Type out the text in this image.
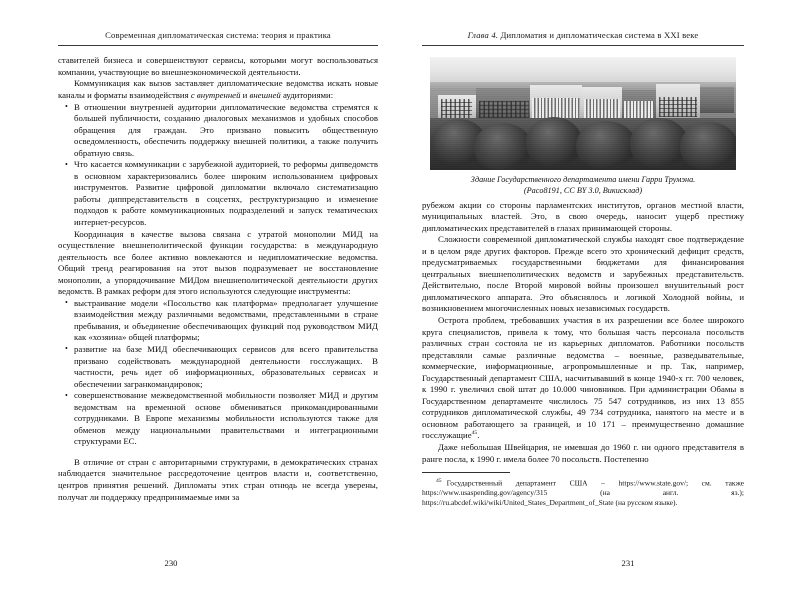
Современная дипломатическая система: теория и практика

ставителей бизнеса и совершенствуют сервисы, которыми могут воспользоваться компании, участвующие во внешнеэкономической деятельности.

Коммуникация как вызов заставляет дипломатические ведомства искать новые каналы и форматы взаимодействия с внутренней и внешней аудиториями:

• В отношении внутренней аудитории дипломатические ведомства стремятся к большей публичности, созданию диалоговых механизмов и удобных способов обращения для граждан. Это призвано повысить общественную осведомленность, обеспечить поддержку внешней политики, а также получить обратную связь.
• Что касается коммуникации с зарубежной аудиторией, то реформы дипведомств в основном характеризовались более широким использованием цифровых инструментов. Развитие цифровой дипломатии включало систематизацию работы диппредставительств в соцсетях, реструктуризацию и изменение подходов к работе коммуникационных подразделений и запуск тематических интернет-ресурсов.

Координация в качестве вызова связана с утратой монополии МИД на осуществление внешнеполитической функции государства: в международную деятельность все более активно вовлекаются и недипломатические ведомства. Общий тренд реагирования на этот вызов подразумевает не восстановление монополии, а упорядочивание МИДом внешнеполитической деятельности других ведомств. В рамках реформ для этого используются следующие инструменты:

• выстраивание модели «Посольство как платформа» предполагает улучшение взаимодействия между различными ведомствами, представленными в стране пребывания, и объединение обеспечивающих функций под руководством МИД как «хозяина» общей платформы;
• развитие на базе МИД обеспечивающих сервисов для всего правительства призвано содействовать международной деятельности госслужащих. В частности, речь идет об информационных, образовательных сервисах и обеспечении загранкомандировок;
• совершенствование межведомственной мобильности позволяет МИД и другим ведомствам на временной основе обмениваться прикомандированными сотрудниками. В Европе механизмы мобильности используются также для обменов между национальными правительствами и интеграционными структурами ЕС.

В отличие от стран с авторитарными структурами, в демократических странах наблюдается значительное рассредоточение центров власти и, соответственно, центров принятия решений. Дипломаты этих стран отнюдь не всегда уверены, получат ли поддержку предпринимаемые ими за

230
Глава 4. Дипломатия и дипломатическая система в XXI веке
Здание Государственного департамента имени Гарри Трумэна.
(Paco8191, CC BY 3.0, Викисклад)

рубежом акции со стороны парламентских институтов, органов местной власти, муниципальных властей. Это, в свою очередь, наносит ущерб престижу дипломатических представителей в глазах принимающей стороны.

Сложности современной дипломатической службы находят свое подтверждение и в целом ряде других факторов. Прежде всего это хронический дефицит средств, предусматриваемых государственными бюджетами для финансирования центральных внешнеполитических ведомств и зарубежных представительств. Действительно, после Второй мировой войны произошел внушительный рост дипломатического аппарата. Это объяснялось и логикой Холодной войны, и возникновением многочисленных новых независимых государств.

Острота проблем, требовавших участия в их разрешении все более широкого круга специалистов, привела к тому, что большая часть персонала посольств различных стран состояла не из карьерных дипломатов. Работники посольств представляли самые различные ведомства – военные, разведывательные, коммерческие, информационные, агропромышленные и пр. Так, например, Государственный департамент США, насчитывавший в конце 1940-х гг. 700 человек, к 1990 г. увеличил свой штат до 10.000 чиновников. При администрации Обамы в Государственном департаменте числилось 75 547 сотрудников, из них 13 855 сотрудников дипломатической службы, 49 734 сотрудника, нанятого на месте и в основном работающего за границей, и 10 171 – преимущественно домашние госслужащие$^{45}$.

Даже небольшая Швейцария, не имевшая до 1960 г. ни одного представителя в ранге посла, к 1990 г. имела более 70 посольств. Постепенно

$^{45}$ Государственный департамент США – https://www.state.gov/; см. также https://www.usaspending.gov/agency/315 (на англ. яз.); https://ru.abcdef.wiki/wiki/United_States_Department_of_State (на русском языке).
231
